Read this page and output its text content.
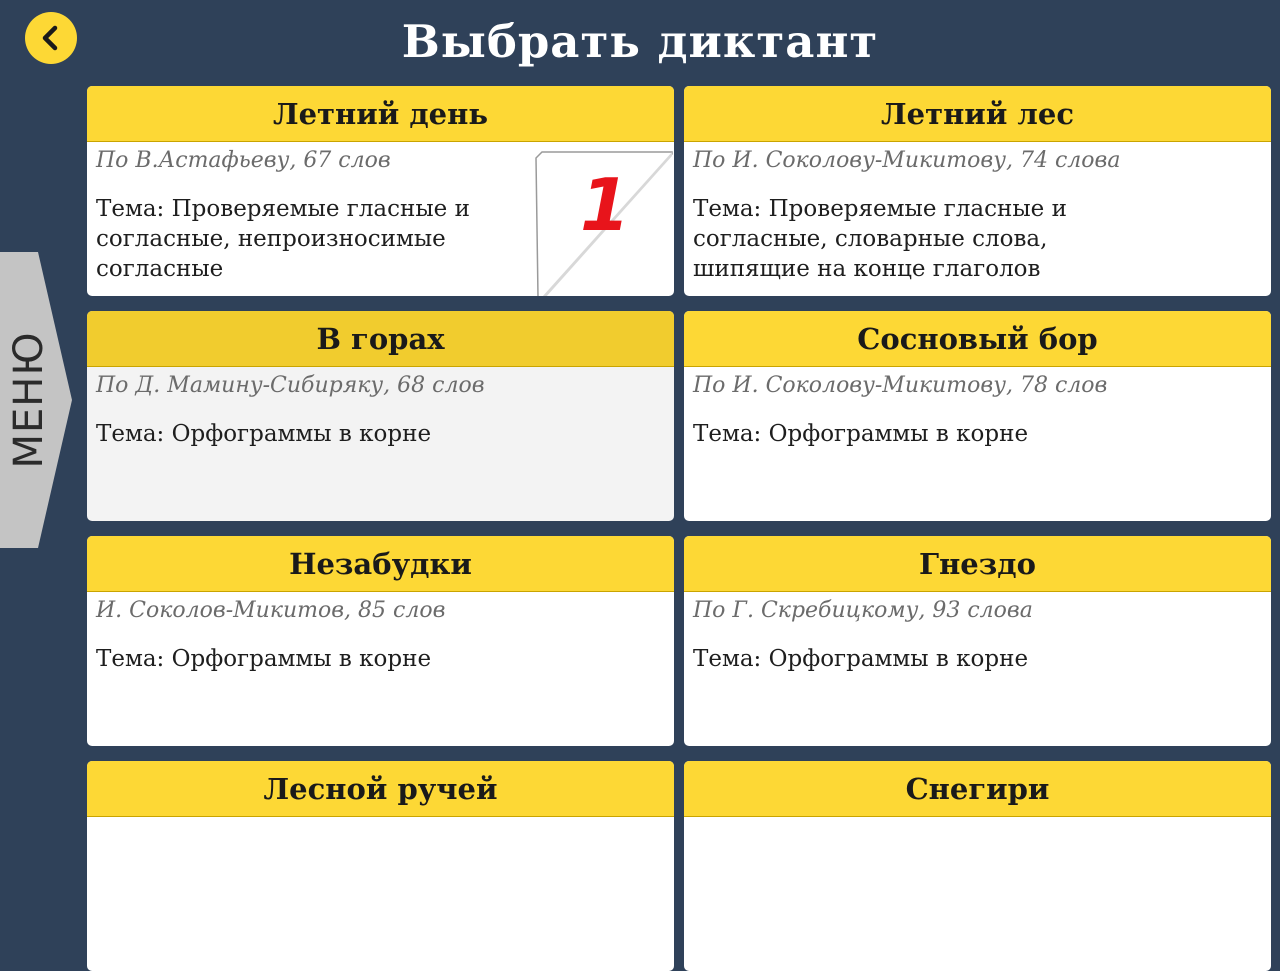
Выбрать диктант
МЕНЮ
Летний день
По В.Астафьеву, 67 слов
Тема: Проверяемые гласные и согласные, непроизносимые согласные
1
Летний лес
По И. Соколову-Микитову, 74 слова
Тема: Проверяемые гласные и согласные, словарные слова, шипящие на конце глаголов
В горах
По Д. Мамину-Сибиряку, 68 слов
Тема: Орфограммы в корне
Сосновый бор
По И. Соколову-Микитову, 78 слов
Тема: Орфограммы в корне
Незабудки
И. Соколов-Микитов, 85 слов
Тема: Орфограммы в корне
Гнездо
По Г. Скребицкому, 93 слова
Тема: Орфограммы в корне
Лесной ручей	Снегири
